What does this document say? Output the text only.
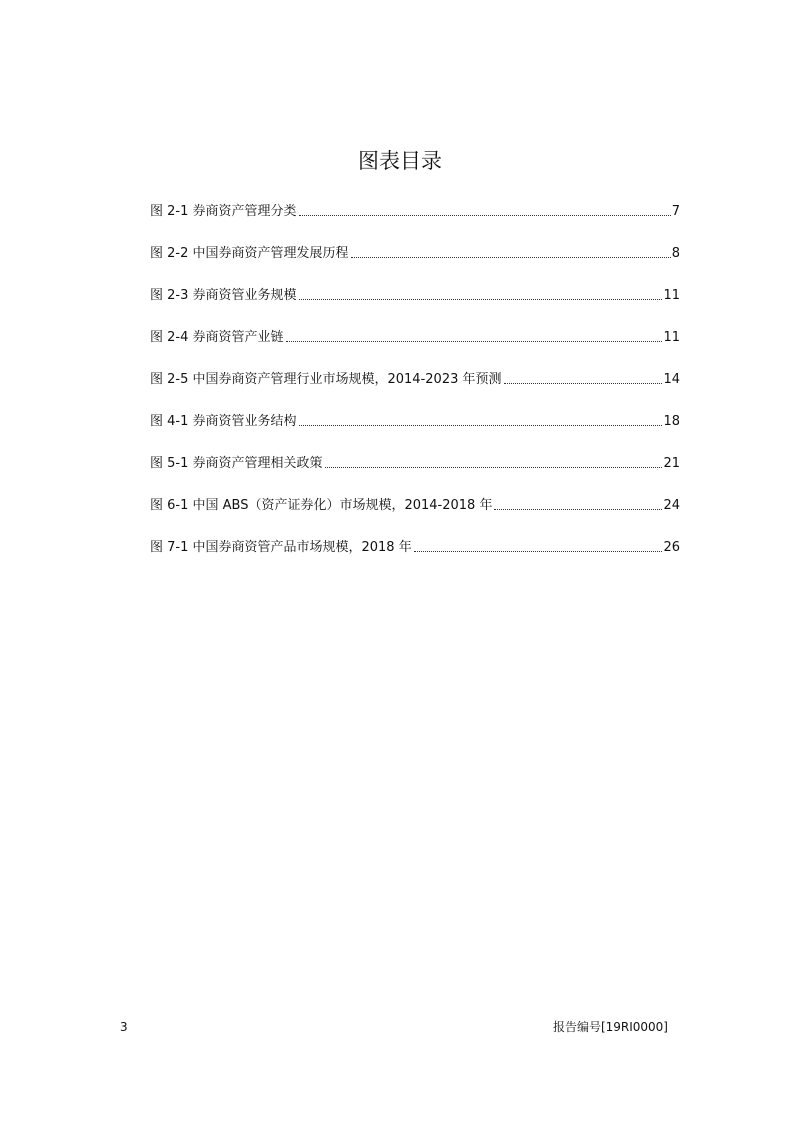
图表目录
图 2-1 券商资产管理分类	7
图 2-2 中国券商资产管理发展历程	8
图 2-3 券商资管业务规模	11
图 2-4 券商资管产业链	11
图 2-5 中国券商资产管理行业市场规模，2014-2023 年预测	14
图 4-1 券商资管业务结构	18
图 5-1 券商资产管理相关政策	21
图 6-1 中国 ABS（资产证券化）市场规模，2014-2018 年	24
图 7-1 中国券商资管产品市场规模，2018 年	26
3	报告编号[19RI0000]
